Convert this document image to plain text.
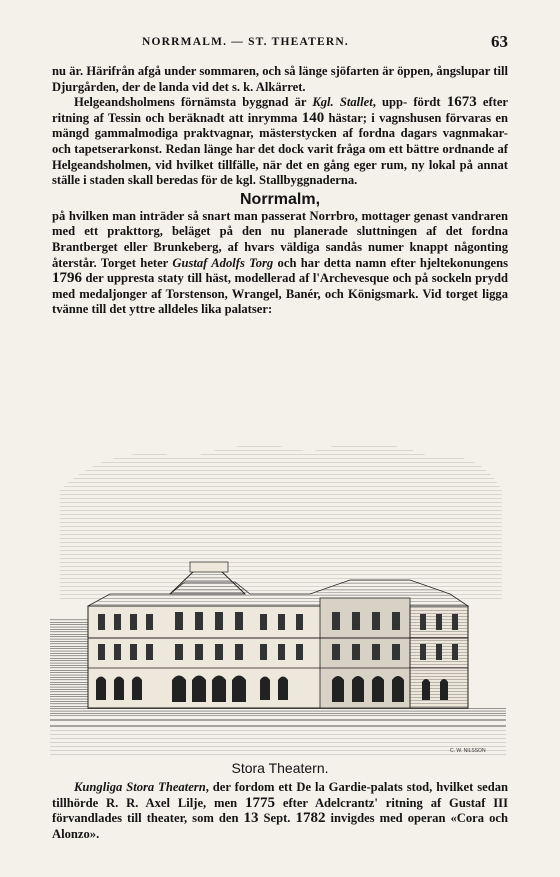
NORRMALM. — ST. THEATERN.	63

nu är. Härifrån afgå under sommaren, och så länge sjöfarten är öppen, ångslupar till Djurgården, der de landa vid det s. k. Alkärret.

Helgeandsholmens förnämsta byggnad är Kgl. Stallet, upp- fördt 1673 efter ritning af Tessin och beräknadt att inrymma 140 hästar; i vagnshusen förvaras en mängd gammalmodiga praktvagnar, mästerstycken af fordna dagars vagnmakar- och tapetserarkonst. Redan länge har det dock varit fråga om ett bättre ordnande af Helgeandsholmen, vid hvilket tillfälle, när det en gång eger rum, ny lokal på annat ställe i staden skall beredas för de kgl. Stallbyggnaderna.

Norrmalm,

på hvilken man inträder så snart man passerat Norrbro, mottager genast vandraren med ett prakttorg, beläget på den nu planerade sluttningen af det fordna Brantberget eller Brunkeberg, af hvars väldiga sandås numer knappt någonting återstår. Torget heter Gustaf Adolfs Torg och har detta namn efter hjeltekonungens 1796 der uppresta staty till häst, modellerad af l'Archevesque och på sockeln prydd med medaljonger af Torstenson, Wrangel, Banér, och Königsmark. Vid torget ligga tvänne till det yttre alldeles lika palatser:

C. W. NILSSON
Stora Theatern.

Kungliga Stora Theatern, der fordom ett De la Gardie-palats stod, hvilket sedan tillhörde R. R. Axel Lilje, men 1775 efter Adelcrantz' ritning af Gustaf III förvandlades till theater, som den 13 Sept. 1782 invigdes med operan «Cora och Alonzo».
